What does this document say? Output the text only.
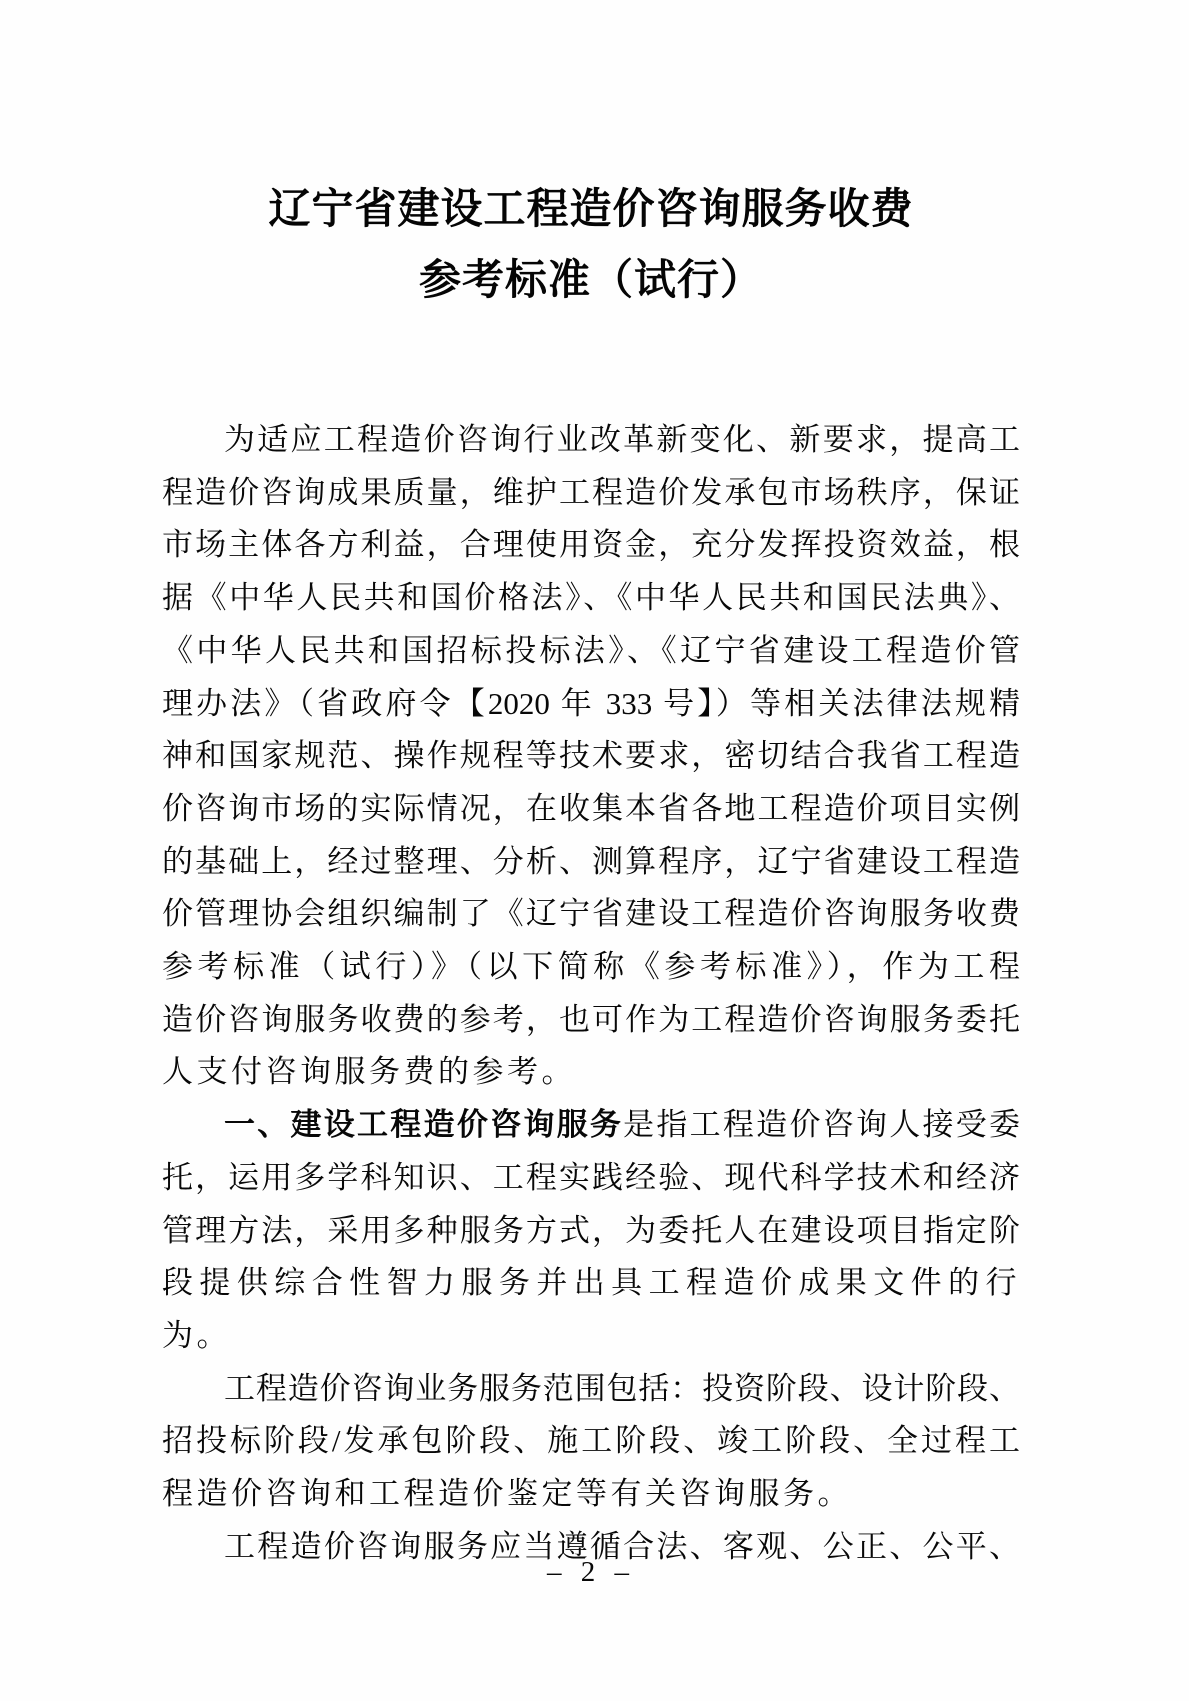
辽宁省建设工程造价咨询服务收费
参考标准（试行）
为适应工程造价咨询行业改革新变化、新要求，提高工
程造价咨询成果质量，维护工程造价发承包市场秩序，保证
市场主体各方利益，合理使用资金，充分发挥投资效益，根
据《中华人民共和国价格法》、《中华人民共和国民法典》、
《中华人民共和国招标投标法》、《辽宁省建设工程造价管
理办法》（省政府令【2020 年 333 号】）等相关法律法规精
神和国家规范、操作规程等技术要求，密切结合我省工程造
价咨询市场的实际情况，在收集本省各地工程造价项目实例
的基础上，经过整理、分析、测算程序，辽宁省建设工程造
价管理协会组织编制了《辽宁省建设工程造价咨询服务收费
参考标准（试行）》（以下简称《参考标准》），作为工程
造价咨询服务收费的参考，也可作为工程造价咨询服务委托
人支付咨询服务费的参考。
一、建设工程造价咨询服务是指工程造价咨询人接受委
托，运用多学科知识、工程实践经验、现代科学技术和经济
管理方法，采用多种服务方式，为委托人在建设项目指定阶
段提供综合性智力服务并出具工程造价成果文件的行为。
工程造价咨询业务服务范围包括：投资阶段、设计阶段、
招投标阶段/发承包阶段、施工阶段、竣工阶段、全过程工
程造价咨询和工程造价鉴定等有关咨询服务。
工程造价咨询服务应当遵循合法、客观、公正、公平、
– 2 –
